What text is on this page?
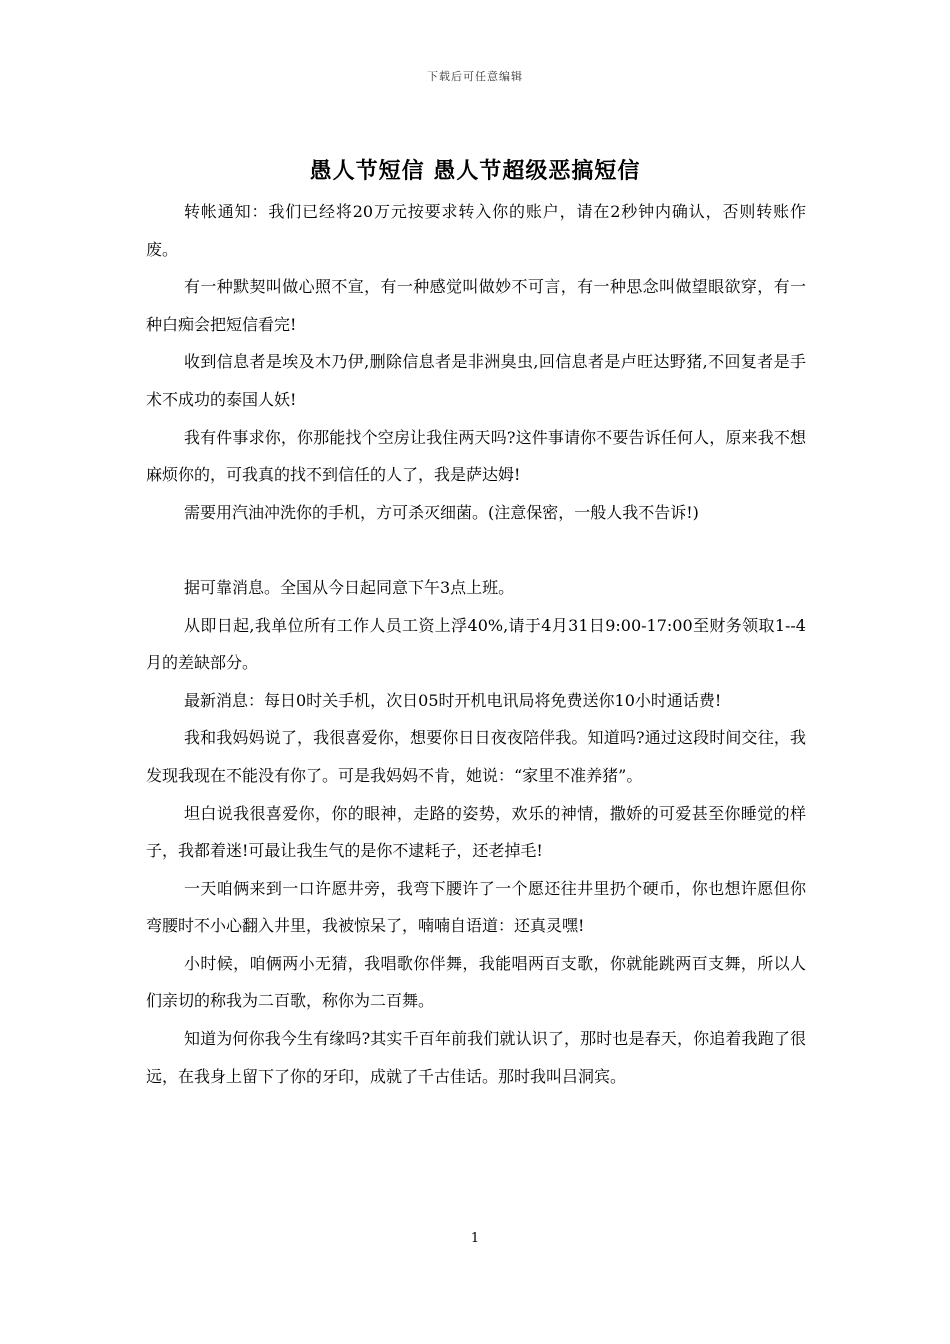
下载后可任意编辑
愚人节短信 愚人节超级恶搞短信

转帐通知：我们已经将20万元按要求转入你的账户，请在2秒钟内确认，否则转账作废。

有一种默契叫做心照不宣，有一种感觉叫做妙不可言，有一种思念叫做望眼欲穿，有一种白痴会把短信看完!

收到信息者是埃及木乃伊,删除信息者是非洲臭虫,回信息者是卢旺达野猪,不回复者是手术不成功的泰国人妖!

我有件事求你，你那能找个空房让我住两天吗?这件事请你不要告诉任何人，原来我不想麻烦你的，可我真的找不到信任的人了，我是萨达姆!

需要用汽油冲洗你的手机，方可杀灭细菌。(注意保密，一般人我不告诉!)

据可靠消息。全国从今日起同意下午3点上班。

从即日起,我单位所有工作人员工资上浮40%,请于4月31日9:00-17:00至财务领取1--4月的差缺部分。

最新消息：每日0时关手机，次日05时开机电讯局将免费送你10小时通话费!

我和我妈妈说了，我很喜爱你，想要你日日夜夜陪伴我。知道吗?通过这段时间交往，我发现我现在不能没有你了。可是我妈妈不肯，她说：“家里不准养猪”。

坦白说我很喜爱你，你的眼神，走路的姿势，欢乐的神情，撒娇的可爱甚至你睡觉的样子，我都着迷!可最让我生气的是你不逮耗子，还老掉毛!

一天咱俩来到一口许愿井旁，我弯下腰许了一个愿还往井里扔个硬币，你也想许愿但你弯腰时不小心翻入井里，我被惊呆了，喃喃自语道：还真灵嘿!

小时候，咱俩两小无猜，我唱歌你伴舞，我能唱两百支歌，你就能跳两百支舞，所以人们亲切的称我为二百歌，称你为二百舞。

知道为何你我今生有缘吗?其实千百年前我们就认识了，那时也是春天，你追着我跑了很远，在我身上留下了你的牙印，成就了千古佳话。那时我叫吕洞宾。

1
